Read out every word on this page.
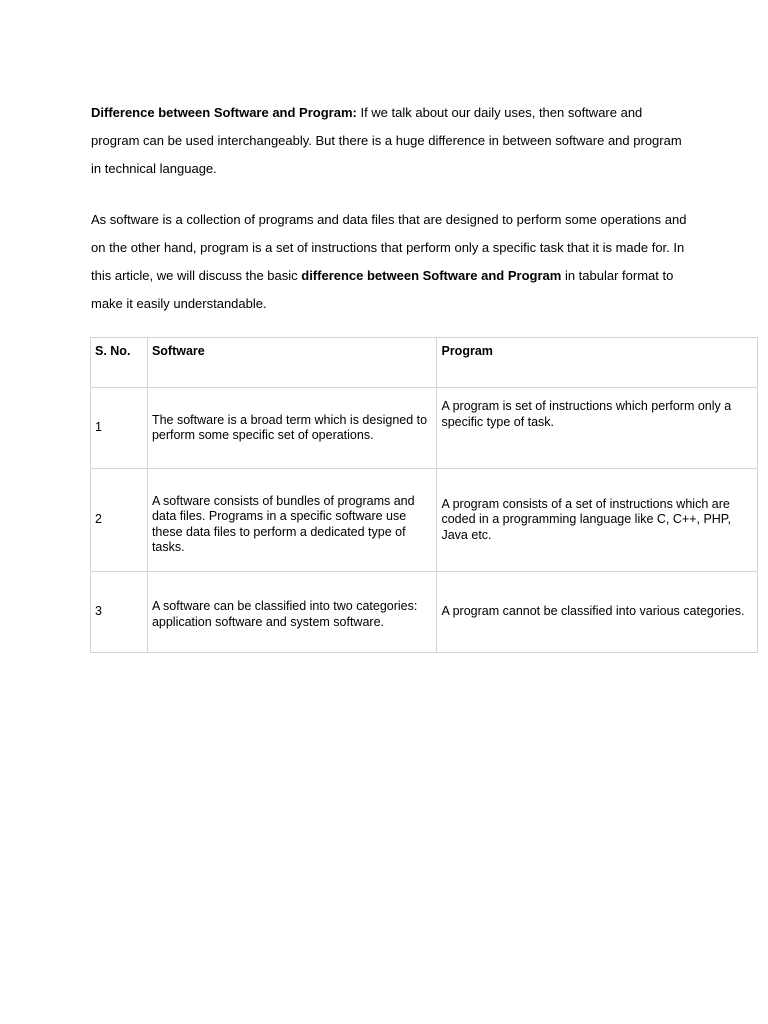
Difference between Software and Program: If we talk about our daily uses, then software and program can be used interchangeably. But there is a huge difference in between software and program in technical language.

As software is a collection of programs and data files that are designed to perform some operations and on the other hand, program is a set of instructions that perform only a specific task that it is made for. In this article, we will discuss the basic difference between Software and Program in tabular format to make it easily understandable.

S. No.	Software	Program
1	The software is a broad term which is designed to perform some specific set of operations.	A program is set of instructions which perform only a specific type of task.
2	A software consists of bundles of programs and data files. Programs in a specific software use these data files to perform a dedicated type of tasks.	A program consists of a set of instructions which are coded in a programming language like C, C++, PHP, Java etc.
3	A software can be classified into two categories: application software and system software.	A program cannot be classified into various categories.
